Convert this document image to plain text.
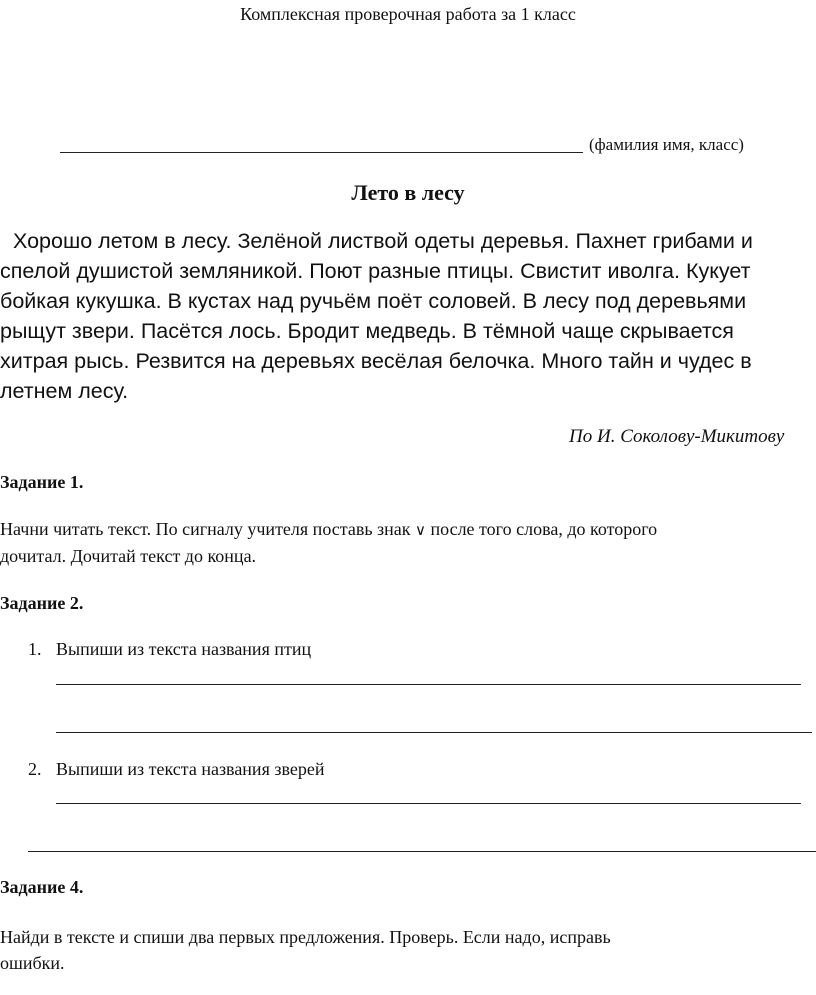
Комплексная проверочная работа за 1 класс
(фамилия имя, класс)
Лето в лесу
Хорошо летом в лесу. Зелёной листвой одеты деревья. Пахнет грибами и
спелой душистой земляникой. Поют разные птицы. Свистит иволга. Кукует
бойкая кукушка. В кустах над ручьём поёт соловей. В лесу под деревьями
рыщут звери. Пасётся лось. Бродит медведь. В тёмной чаще скрывается
хитрая рысь. Резвится на деревьях весёлая белочка. Много тайн и чудес в
летнем лесу.
По И. Соколову-Микитову
Задание 1.
Начни читать текст. По сигналу учителя поставь знак ∨ после того слова, до которого
дочитал. Дочитай текст до конца.
Задание 2.
1. Выпиши из текста названия птиц
2. Выпиши из текста названия зверей
Задание 4.
Найди в тексте и спиши два первых предложения. Проверь. Если надо, исправь
ошибки.
